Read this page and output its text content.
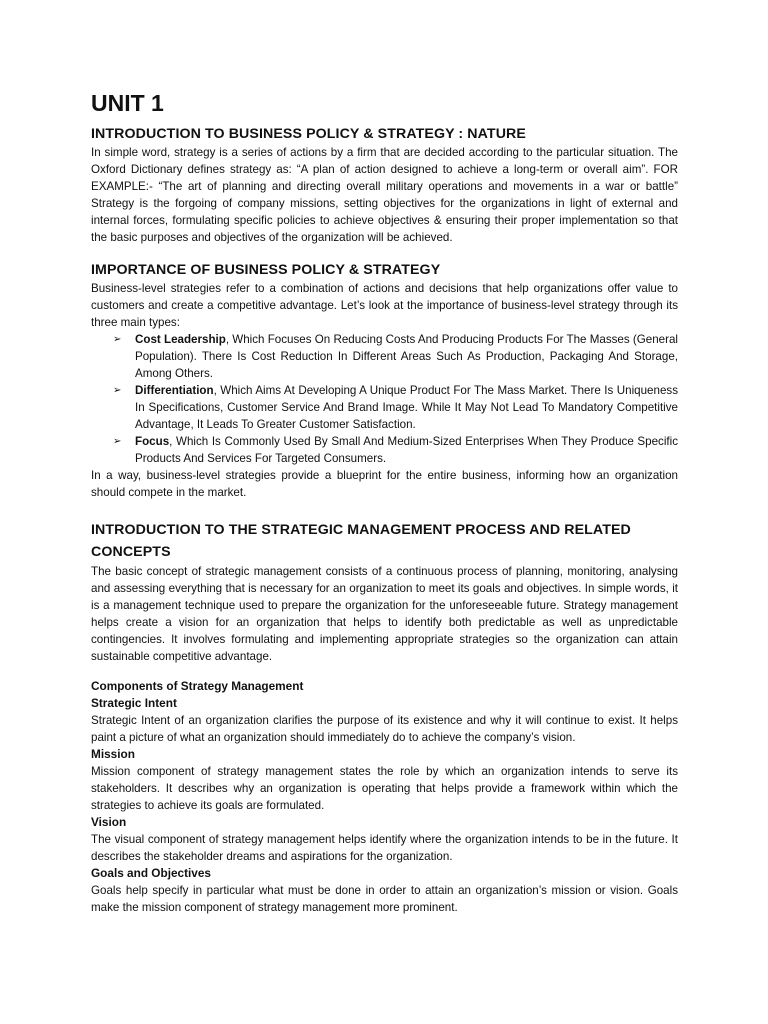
UNIT 1
INTRODUCTION TO BUSINESS POLICY & STRATEGY : NATURE

In simple word, strategy is a series of actions by a firm that are decided according to the particular situation. The Oxford Dictionary defines strategy as: “A plan of action designed to achieve a long-term or overall aim”. FOR EXAMPLE:- “The art of planning and directing overall military operations and movements in a war or battle” Strategy is the forgoing of company missions, setting objectives for the organizations in light of external and internal forces, formulating specific policies to achieve objectives & ensuring their proper implementation so that the basic purposes and objectives of the organization will be achieved.

IMPORTANCE OF BUSINESS POLICY & STRATEGY

Business-level strategies refer to a combination of actions and decisions that help organizations offer value to customers and create a competitive advantage. Let’s look at the importance of business-level strategy through its three main types:

➢ Cost Leadership, Which Focuses On Reducing Costs And Producing Products For The Masses (General Population). There Is Cost Reduction In Different Areas Such As Production, Packaging And Storage, Among Others.
➢ Differentiation, Which Aims At Developing A Unique Product For The Mass Market. There Is Uniqueness In Specifications, Customer Service And Brand Image. While It May Not Lead To Mandatory Competitive Advantage, It Leads To Greater Customer Satisfaction.
➢ Focus, Which Is Commonly Used By Small And Medium-Sized Enterprises When They Produce Specific Products And Services For Targeted Consumers.

In a way, business-level strategies provide a blueprint for the entire business, informing how an organization should compete in the market.

INTRODUCTION TO THE STRATEGIC MANAGEMENT PROCESS AND RELATED CONCEPTS

The basic concept of strategic management consists of a continuous process of planning, monitoring, analysing and assessing everything that is necessary for an organization to meet its goals and objectives. In simple words, it is a management technique used to prepare the organization for the unforeseeable future. Strategy management helps create a vision for an organization that helps to identify both predictable as well as unpredictable contingencies. It involves formulating and implementing appropriate strategies so the organization can attain sustainable competitive advantage.

Components of Strategy Management
Strategic Intent

Strategic Intent of an organization clarifies the purpose of its existence and why it will continue to exist. It helps paint a picture of what an organization should immediately do to achieve the company’s vision.

Mission

Mission component of strategy management states the role by which an organization intends to serve its stakeholders. It describes why an organization is operating that helps provide a framework within which the strategies to achieve its goals are formulated.

Vision

The visual component of strategy management helps identify where the organization intends to be in the future. It describes the stakeholder dreams and aspirations for the organization.

Goals and Objectives

Goals help specify in particular what must be done in order to attain an organization’s mission or vision. Goals make the mission component of strategy management more prominent.
